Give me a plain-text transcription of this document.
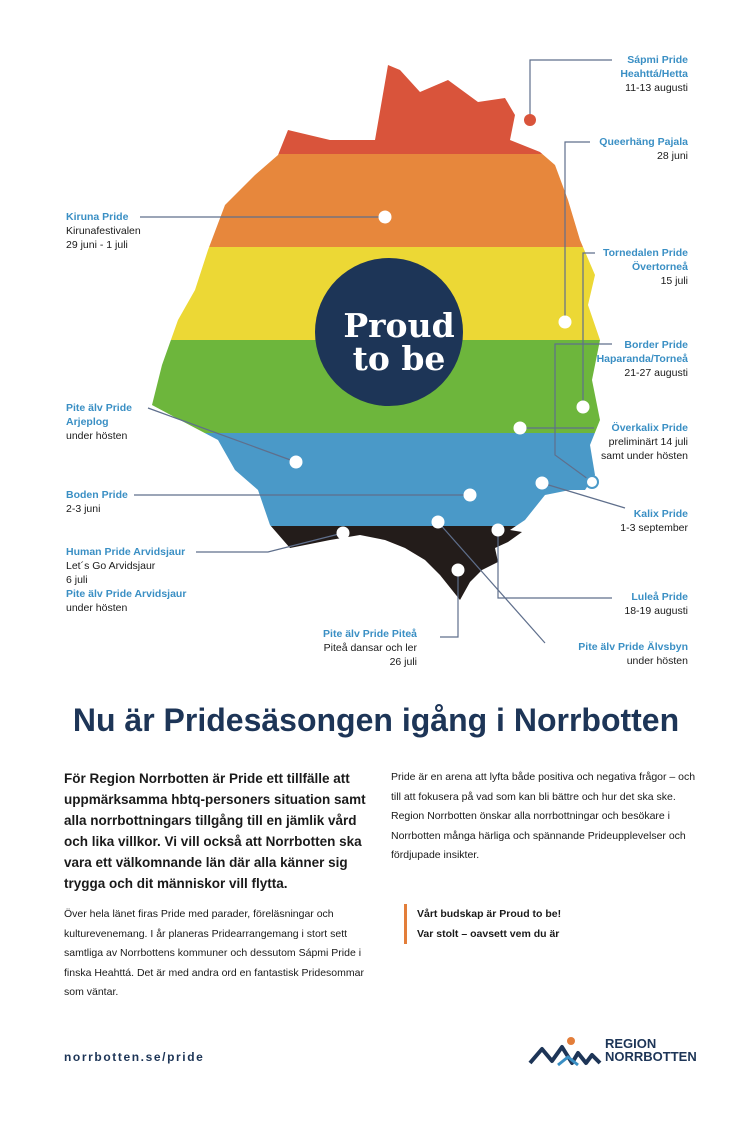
Proud
to be
Sápmi Pride
Heahttá/Hetta
11-13 augusti
Queerhäng Pajala
28 juni
Kiruna Pride
Kirunafestivalen
29 juni - 1 juli
Tornedalen Pride
Övertorneå
15 juli
Border Pride
Haparanda/Torneå
21-27 augusti
Pite älv Pride
Arjeplog
under hösten
Överkalix Pride
preliminärt 14 juli
samt under hösten
Boden Pride
2-3 juni	Kalix Pride
1-3 september
Human Pride Arvidsjaur
Let´s Go Arvidsjaur
6 juli
Pite älv Pride Arvidsjaur
under hösten
Luleå Pride
18-19 augusti
Pite älv Pride Piteå
Piteå dansar och ler
26 juli
Pite älv Pride Älvsbyn
under hösten
Nu är Pridesäsongen igång i Norrbotten

För Region Norrbotten är Pride ett tillfälle att uppmärksamma hbtq-personers situation samt alla norrbottningars tillgång till en jämlik vård och lika villkor. Vi vill också att Norrbotten ska vara ett välkomnande län där alla känner sig trygga och dit människor vill flytta.

Över hela länet firas Pride med parader, föreläsningar och kulturevenemang. I år planeras Pridearrangemang i stort sett samtliga av Norrbottens kommuner och dessutom Sápmi Pride i finska Heahttá. Det är med andra ord en fantastisk Pridesommar som väntar.

Pride är en arena att lyfta både positiva och negativa frågor – och till att fokusera på vad som kan bli bättre och hur det ska ske. Region Norrbotten önskar alla norrbottningar och besökare i Norrbotten många härliga och spännande Prideupplevelser och fördjupade insikter.

Vårt budskap är Proud to be!
Var stolt – oavsett vem du är
norrbotten.se/pride
REGION
NORRBOTTEN
